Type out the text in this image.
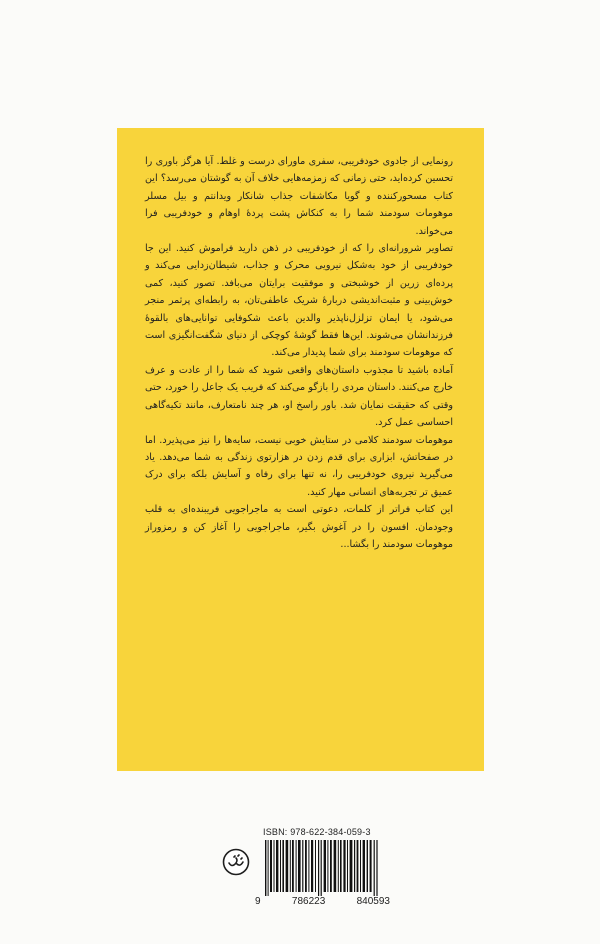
رونمایی از جادوی خودفریبی، سفری ماورای درست و غلط. آیا هرگز باوری را تحسین کرده‌اید، حتی زمانی که زمزمه‌هایی خلاف آن به گوشتان می‌رسد؟ این کتاب مسحورکننده و گویا مکاشفات جذاب شانکار ویدانتم و بیل مسلر موهومات سودمند شما را به کنکاش پشت پردهٔ اوهام و خودفریبی فرا می‌خواند.

تصاویر شرورانه‌ای را که از خودفریبی در ذهن دارید فراموش کنید. این جا خودفریبی از خود به‌شکل نیرویی محرک و جذاب، شیطان‌زدایی می‌کند و پرده‌ای زرین از خوشبختی و موفقیت برایتان می‌بافد. تصور کنید، کمی خوش‌بینی و مثبت‌اندیشی دربارهٔ شریک عاطفی‌تان، به رابطه‌ای پرثمر منجر می‌شود، یا ایمان تزلزل‌ناپذیر والدین باعث شکوفایی توانایی‌های بالقوهٔ فرزندانشان می‌شوند. این‌ها فقط گوشهٔ کوچکی از دنیای شگفت‌انگیزی است که موهومات سودمند برای شما پدیدار می‌کند.

آماده باشید تا مجذوب داستان‌های واقعی شوید که شما را از عادت و عرف خارج می‌کنند. داستان مردی را بازگو می‌کند که فریب یک جاعل را خورد، حتی وقتی که حقیقت نمایان شد. باور راسخ او، هر چند نامتعارف، مانند تکیه‌گاهی احساسی عمل کرد.

موهومات سودمند کلامی در ستایش خوبی نیست، سایه‌ها را نیز می‌پذیرد. اما در صفحاتش، ابزاری برای قدم زدن در هزارتوی زندگی به شما می‌دهد. یاد می‌گیرید نیروی خودفریبی را، نه تنها برای رفاه و آسایش بلکه برای درک عمیق تر تجربه‌های انسانی مهار کنید.

این کتاب فراتر از کلمات، دعوتی است به ماجراجویی فریبنده‌ای به قلب وجودمان. افسون را در آغوش بگیر، ماجراجویی را آغاز کن و رمزوراز موهومات سودمند را بگشا...

ISBN: 978-622-384-059-3
9	786223	840593
